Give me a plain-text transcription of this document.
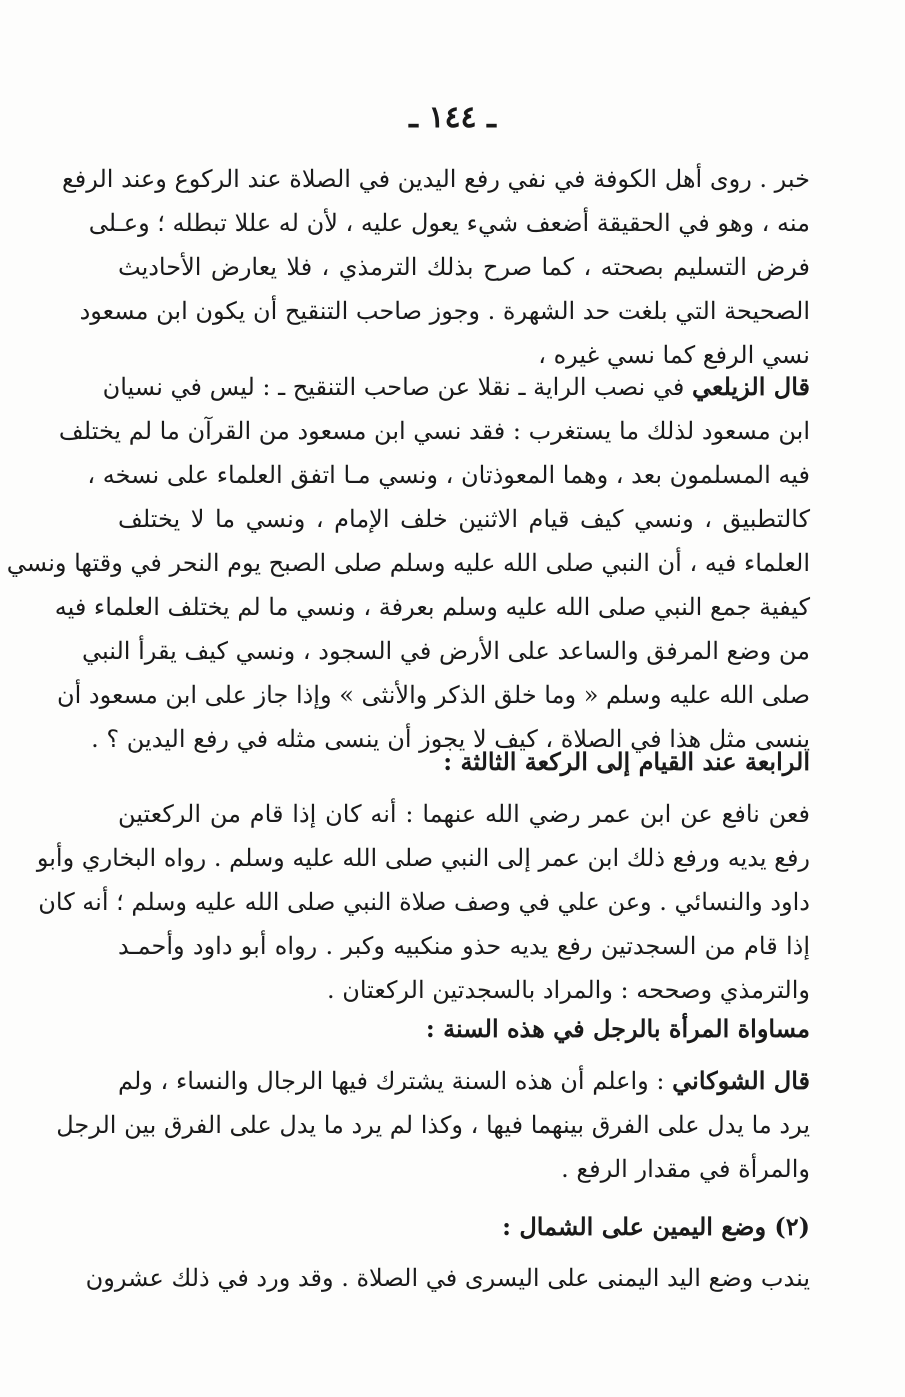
ـ ١٤٤ ـ
خبر . روى أهل الكوفة في نفي رفع اليدين في الصلاة عند الركوع وعند الرفع
منه ، وهو في الحقيقة أضعف شيء يعول عليه ، لأن له عللا تبطله ؛ وعـلى
فرض التسليم بصحته ، كما صرح بذلك الترمذي ، فلا يعارض الأحاديث
الصحيحة التي بلغت حد الشهرة . وجوز صاحب التنقيح أن يكون ابن مسعود
نسي الرفع كما نسي غيره ،
قال الزيلعي في نصب الراية ـ نقلا عن صاحب التنقيح ـ : ليس في نسيان
ابن مسعود لذلك ما يستغرب : فقد نسي ابن مسعود من القرآن ما لم يختلف
فيه المسلمون بعد ، وهما المعوذتان ، ونسي مـا اتفق العلماء على نسخه ،
كالتطبيق ، ونسي كيف قيام الاثنين خلف الإمام ، ونسي ما لا يختلف
العلماء فيه ، أن النبي صلى الله عليه وسلم صلى الصبح يوم النحر في وقتها ونسي
كيفية جمع النبي صلى الله عليه وسلم بعرفة ، ونسي ما لم يختلف العلماء فيه
من وضع المرفق والساعد على الأرض في السجود ، ونسي كيف يقرأ النبي
صلى الله عليه وسلم « وما خلق الذكر والأنثى » وإذا جاز على ابن مسعود أن
ينسى مثل هذا في الصلاة ، كيف لا يجوز أن ينسى مثله في رفع اليدين ؟ .
الرابعة عند القيام إلى الركعة الثالثة :
فعن نافع عن ابن عمر رضي الله عنهما : أنه كان إذا قام من الركعتين
رفع يديه ورفع ذلك ابن عمر إلى النبي صلى الله عليه وسلم . رواه البخاري وأبو
داود والنسائي . وعن علي في وصف صلاة النبي صلى الله عليه وسلم ؛ أنه كان
إذا قام من السجدتين رفع يديه حذو منكبيه وكبر . رواه أبو داود وأحمـد
والترمذي وصححه : والمراد بالسجدتين الركعتان .
مساواة المرأة بالرجل في هذه السنة :
قال الشوكاني : واعلم أن هذه السنة يشترك فيها الرجال والنساء ، ولم
يرد ما يدل على الفرق بينهما فيها ، وكذا لم يرد ما يدل على الفرق بين الرجل
والمرأة في مقدار الرفع .
(٢) وضع اليمين على الشمال :
يندب وضع اليد اليمنى على اليسرى في الصلاة . وقد ورد في ذلك عشرون
